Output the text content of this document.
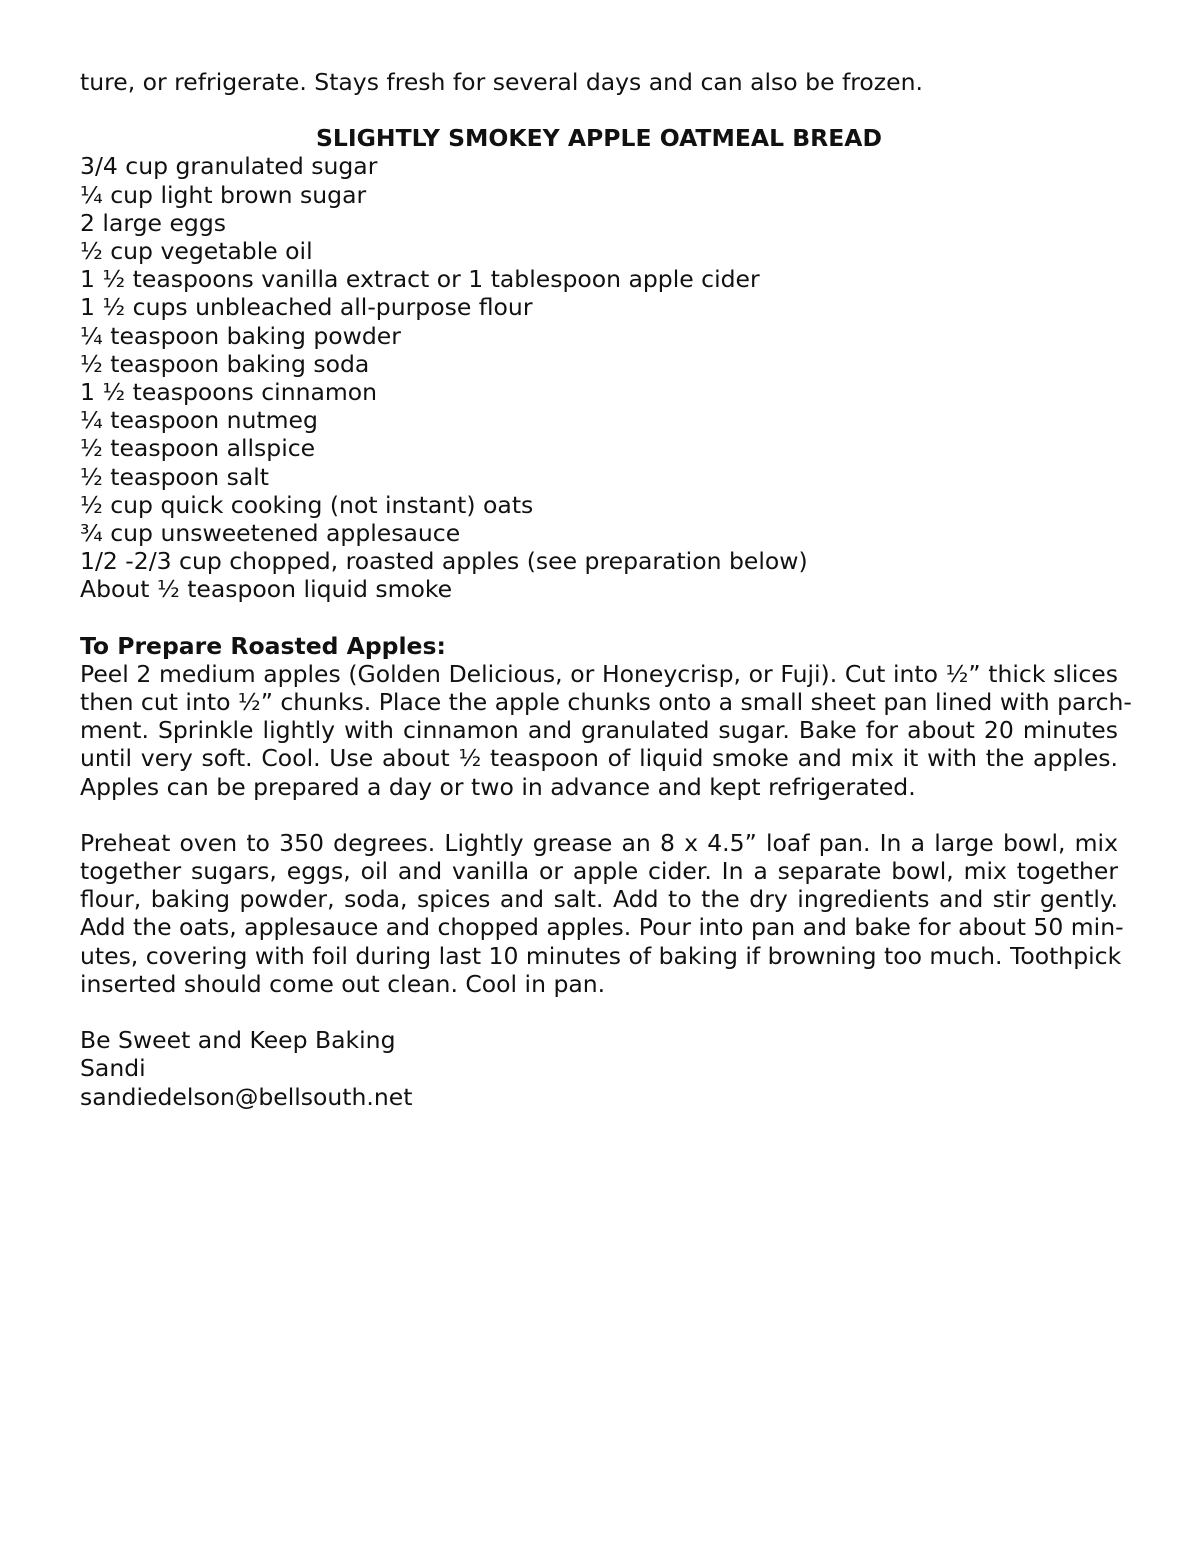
ture, or refrigerate. Stays fresh for several days and can also be frozen.

SLIGHTLY SMOKEY APPLE OATMEAL BREAD

3/4 cup granulated sugar
¼ cup light brown sugar
2 large eggs
½ cup vegetable oil
1 ½ teaspoons vanilla extract or 1 tablespoon apple cider
1 ½ cups unbleached all-purpose flour
¼ teaspoon baking powder
½ teaspoon baking soda
1 ½ teaspoons cinnamon
¼ teaspoon nutmeg
½ teaspoon allspice
½ teaspoon salt
½ cup quick cooking (not instant) oats
¾ cup unsweetened applesauce
1/2 -2/3 cup chopped, roasted apples (see preparation below)
About ½ teaspoon liquid smoke

To Prepare Roasted Apples:

Peel 2 medium apples (Golden Delicious, or Honeycrisp, or Fuji). Cut into ½” thick slices
then cut into ½” chunks. Place the apple chunks onto a small sheet pan lined with parch-
ment. Sprinkle lightly with cinnamon and granulated sugar. Bake for about 20 minutes
until very soft. Cool. Use about ½ teaspoon of liquid smoke and mix it with the apples.
Apples can be prepared a day or two in advance and kept refrigerated.
Preheat oven to 350 degrees. Lightly grease an 8 x 4.5” loaf pan. In a large bowl, mix
together sugars, eggs, oil and vanilla or apple cider. In a separate bowl, mix together
flour, baking powder, soda, spices and salt. Add to the dry ingredients and stir gently.
Add the oats, applesauce and chopped apples. Pour into pan and bake for about 50 min-
utes, covering with foil during last 10 minutes of baking if browning too much. Toothpick
inserted should come out clean. Cool in pan.

Be Sweet and Keep Baking

Sandi

sandiedelson@bellsouth.net
